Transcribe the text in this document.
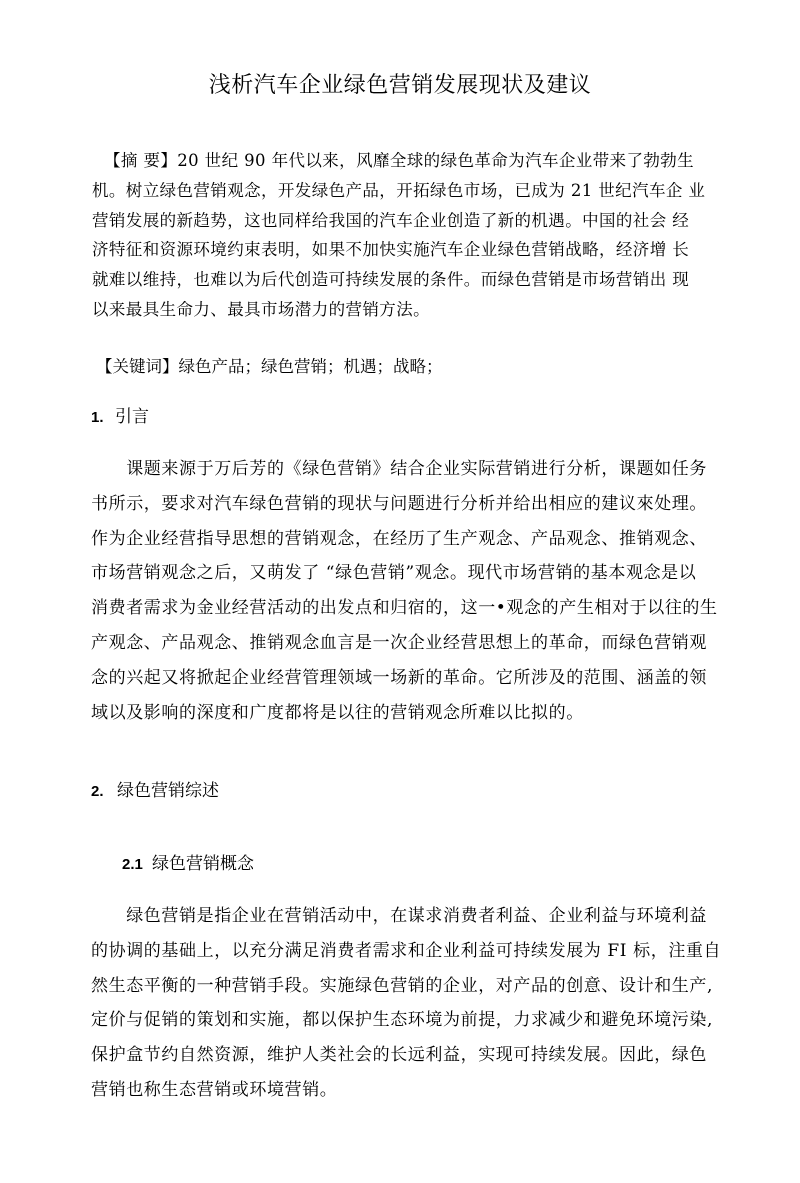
浅析汽车企业绿色营销发展现状及建议
【摘 要】20 世纪 90 年代以来，风靡全球的绿色革命为汽车企业带来了勃勃生
机。树立绿色营销观念，开发绿色产品，开拓绿色市场，已成为 21 世纪汽车企 业
营销发展的新趋势，这也同样给我国的汽车企业创造了新的机遇。中国的社会 经
济特征和资源环境约束表明，如果不加快实施汽车企业绿色营销战略，经济增 长
就难以维持，也难以为后代创造可持续发展的条件。而绿色营销是市场营销出 现
以来最具生命力、最具市场潜力的营销方法。
【关键词】绿色产品；绿色营销；机遇；战略；
1. 引言
　　课题来源于万后芳的《绿色营销》结合企业实际营销进行分析，课题如任务
书所示，要求对汽车绿色营销的现状与问题进行分析并给出相应的建议來处理。
作为企业经营指导思想的营销观念，在经历了生产观念、产品观念、推销观念、
市场营销观念之后，又萌发了 “绿色营销”观念。现代市场营销的基本观念是以
消费者需求为金业经营活动的出发点和归宿的，这一•观念的产生相对于以往的生
产观念、产品观念、推销观念血言是一次企业经营思想上的革命，而绿色营销观
念的兴起又将掀起企业经营管理领域一场新的革命。它所涉及的范围、涵盖的领
域以及影响的深度和广度都将是以往的营销观念所难以比拟的。
2. 绿色营销综述
2.1 绿色营销概念
　　绿色营销是指企业在营销活动中，在谋求消费者利益、企业利益与环境利益
的协调的基础上，以充分满足消费者需求和企业利益可持续发展为 FI 标，注重自
然生态平衡的一种营销手段。实施绿色营销的企业，对产品的创意、设计和生产,
定价与促销的策划和实施，都以保护生态环境为前提，力求减少和避免环境污染,
保护盒节约自然资源，维护人类社会的长远利益，实现可持续发展。因此，绿色
营销也称生态营销或环境营销。
